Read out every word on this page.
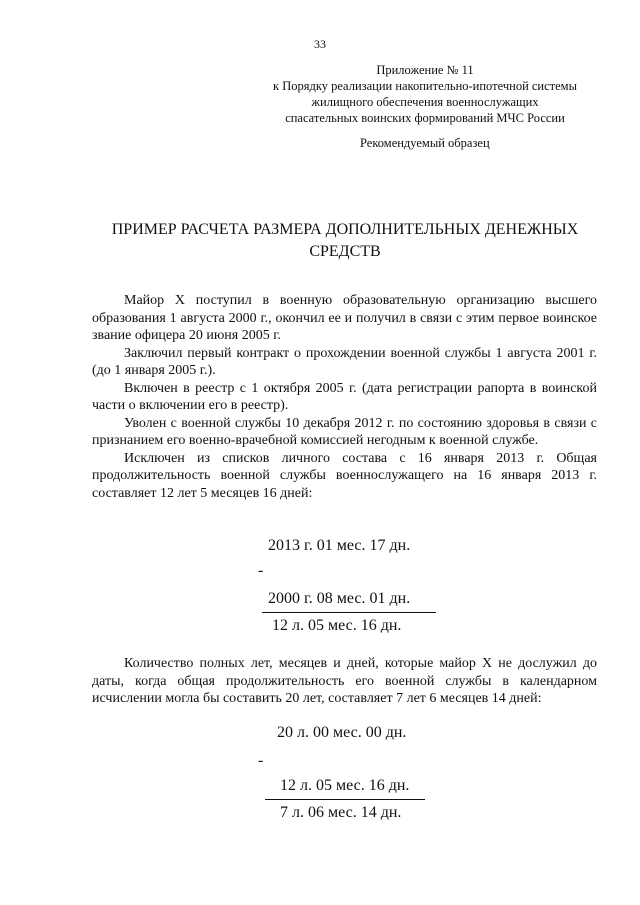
33
Приложение № 11
к Порядку реализации накопительно-ипотечной системы
жилищного обеспечения военнослужащих
спасательных воинских формирований МЧС России
Рекомендуемый образец
ПРИМЕР РАСЧЕТА РАЗМЕРА ДОПОЛНИТЕЛЬНЫХ ДЕНЕЖНЫХ СРЕДСТВ

Майор Х поступил в военную образовательную организацию высшего образования 1 августа 2000 г., окончил ее и получил в связи с этим первое воинское звание офицера 20 июня 2005 г.

Заключил первый контракт о прохождении военной службы 1 августа 2001 г. (до 1 января 2005 г.).

Включен в реестр с 1 октября 2005 г. (дата регистрации рапорта в воинской части о включении его в реестр).

Уволен с военной службы 10 декабря 2012 г. по состоянию здоровья в связи с признанием его военно-врачебной комиссией негодным к военной службе.

Исключен из списков личного состава с 16 января 2013 г. Общая продолжительность военной службы военнослужащего на 16 января 2013 г. составляет 12 лет 5 месяцев 16 дней:

2013 г. 01 мес. 17 дн.
-
2000 г. 08 мес. 01 дн.
12 л. 05 мес. 16 дн.

Количество полных лет, месяцев и дней, которые майор Х не дослужил до даты, когда общая продолжительность его военной службы в календарном исчислении могла бы составить 20 лет, составляет 7 лет 6 месяцев 14 дней:

20 л. 00 мес. 00 дн.
-
12 л. 05 мес. 16 дн.
7 л. 06 мес. 14 дн.
